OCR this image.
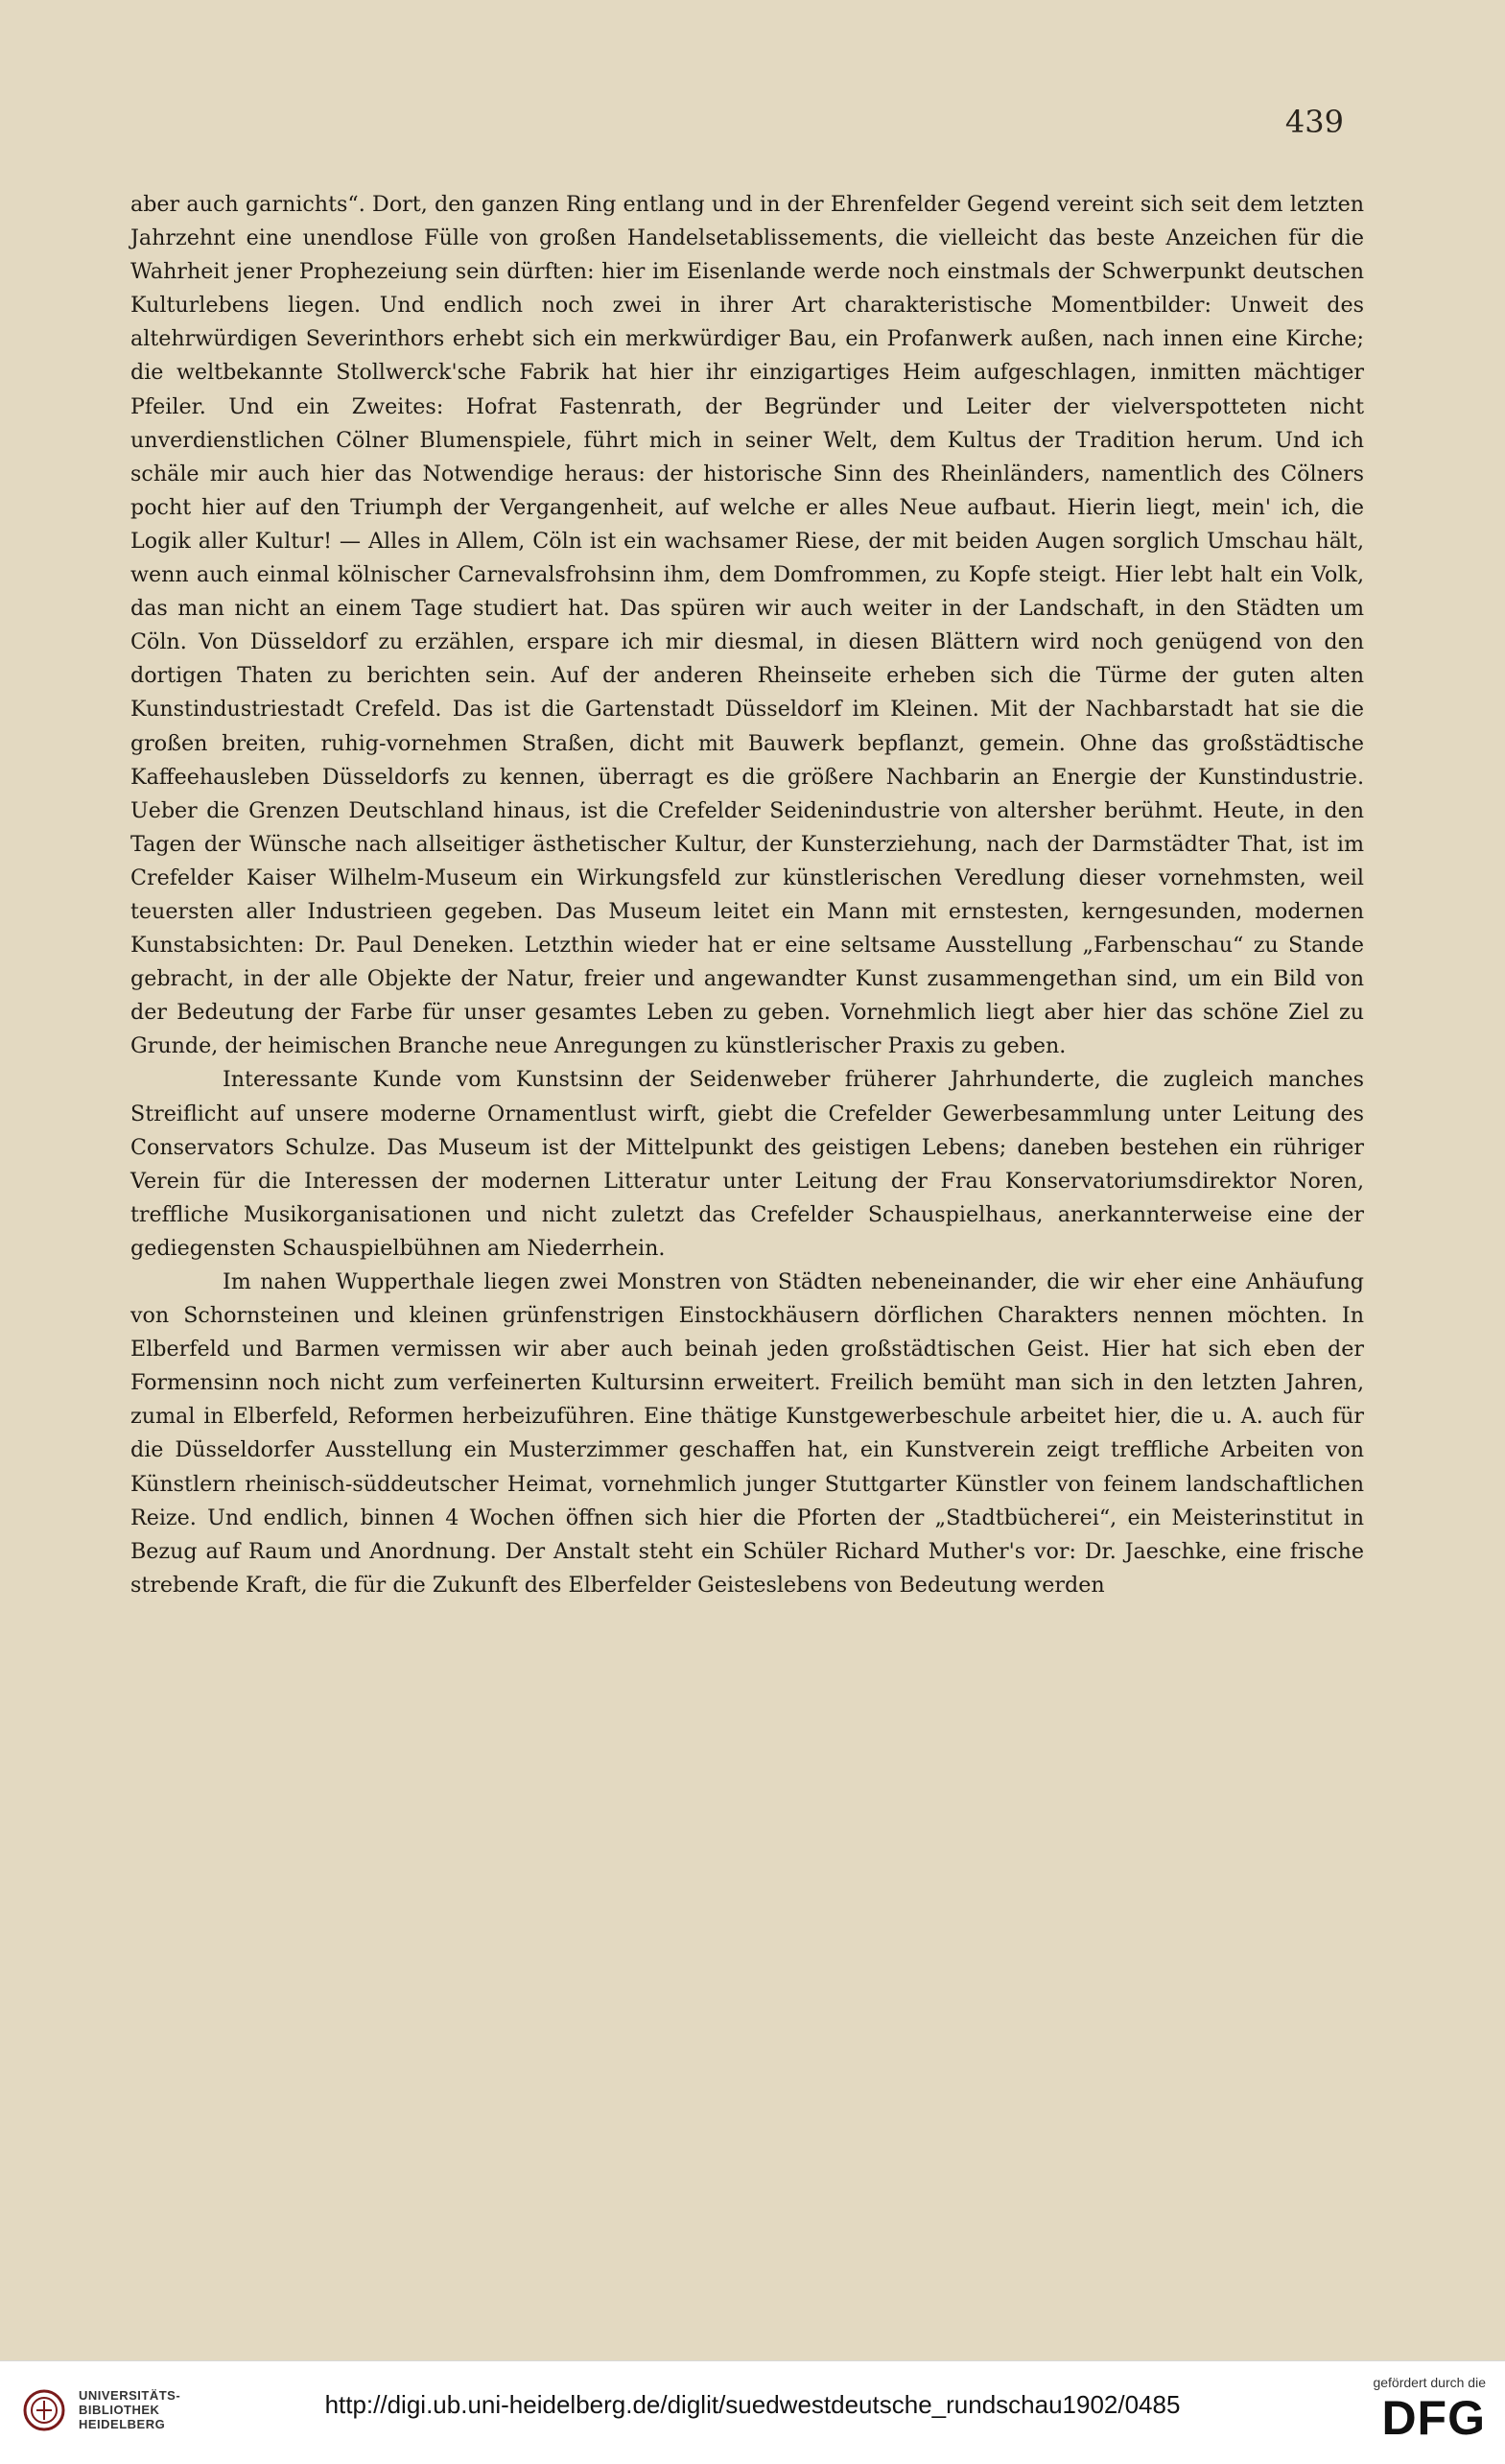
439

aber auch garnichts“. Dort, den ganzen Ring entlang und in der Ehrenfelder Gegend vereint sich seit dem letzten Jahrzehnt eine unendlose Fülle von großen Handelsetablissements, die vielleicht das beste Anzeichen für die Wahrheit jener Prophezeiung sein dürften: hier im Eisenlande werde noch einstmals der Schwerpunkt deutschen Kulturlebens liegen. Und endlich noch zwei in ihrer Art charakteristische Momentbilder: Unweit des altehrwürdigen Severinthors erhebt sich ein merkwürdiger Bau, ein Profanwerk außen, nach innen eine Kirche; die weltbekannte Stollwerck'sche Fabrik hat hier ihr einzigartiges Heim aufgeschlagen, inmitten mächtiger Pfeiler. Und ein Zweites: Hofrat Fastenrath, der Begründer und Leiter der vielverspotteten nicht unverdienstlichen Cölner Blumenspiele, führt mich in seiner Welt, dem Kultus der Tradition herum. Und ich schäle mir auch hier das Notwendige heraus: der historische Sinn des Rheinländers, namentlich des Cölners pocht hier auf den Triumph der Vergangenheit, auf welche er alles Neue aufbaut. Hierin liegt, mein' ich, die Logik aller Kultur! — Alles in Allem, Cöln ist ein wachsamer Riese, der mit beiden Augen sorglich Umschau hält, wenn auch einmal kölnischer Carnevalsfrohsinn ihm, dem Domfrommen, zu Kopfe steigt. Hier lebt halt ein Volk, das man nicht an einem Tage studiert hat. Das spüren wir auch weiter in der Landschaft, in den Städten um Cöln. Von Düsseldorf zu erzählen, erspare ich mir diesmal, in diesen Blättern wird noch genügend von den dortigen Thaten zu berichten sein. Auf der anderen Rheinseite erheben sich die Türme der guten alten Kunstindustriestadt Crefeld. Das ist die Gartenstadt Düsseldorf im Kleinen. Mit der Nachbarstadt hat sie die großen breiten, ruhig-vornehmen Straßen, dicht mit Bauwerk bepflanzt, gemein. Ohne das großstädtische Kaffeehausleben Düsseldorfs zu kennen, überragt es die größere Nachbarin an Energie der Kunstindustrie. Ueber die Grenzen Deutschland hinaus, ist die Crefelder Seidenindustrie von altersher berühmt. Heute, in den Tagen der Wünsche nach allseitiger ästhetischer Kultur, der Kunsterziehung, nach der Darmstädter That, ist im Crefelder Kaiser Wilhelm-Museum ein Wirkungsfeld zur künstlerischen Veredlung dieser vornehmsten, weil teuersten aller Industrieen gegeben. Das Museum leitet ein Mann mit ernstesten, kerngesunden, modernen Kunstabsichten: Dr. Paul Deneken. Letzthin wieder hat er eine seltsame Ausstellung „Farbenschau“ zu Stande gebracht, in der alle Objekte der Natur, freier und angewandter Kunst zusammengethan sind, um ein Bild von der Bedeutung der Farbe für unser gesamtes Leben zu geben. Vornehmlich liegt aber hier das schöne Ziel zu Grunde, der heimischen Branche neue Anregungen zu künstlerischer Praxis zu geben.

Interessante Kunde vom Kunstsinn der Seidenweber früherer Jahrhunderte, die zugleich manches Streiflicht auf unsere moderne Ornamentlust wirft, giebt die Crefelder Gewerbesammlung unter Leitung des Conservators Schulze. Das Museum ist der Mittelpunkt des geistigen Lebens; daneben bestehen ein rühriger Verein für die Interessen der modernen Litteratur unter Leitung der Frau Konservatoriumsdirektor Noren, treffliche Musikorganisationen und nicht zuletzt das Crefelder Schauspielhaus, anerkannterweise eine der gediegensten Schauspielbühnen am Niederrhein.

Im nahen Wupperthale liegen zwei Monstren von Städten nebeneinander, die wir eher eine Anhäufung von Schornsteinen und kleinen grünfenstrigen Einstockhäusern dörflichen Charakters nennen möchten. In Elberfeld und Barmen vermissen wir aber auch beinah jeden großstädtischen Geist. Hier hat sich eben der Formensinn noch nicht zum verfeinerten Kultursinn erweitert. Freilich bemüht man sich in den letzten Jahren, zumal in Elberfeld, Reformen herbeizuführen. Eine thätige Kunstgewerbeschule arbeitet hier, die u. A. auch für die Düsseldorfer Ausstellung ein Musterzimmer geschaffen hat, ein Kunstverein zeigt treffliche Arbeiten von Künstlern rheinisch-süddeutscher Heimat, vornehmlich junger Stuttgarter Künstler von feinem landschaftlichen Reize. Und endlich, binnen 4 Wochen öffnen sich hier die Pforten der „Stadtbücherei“, ein Meisterinstitut in Bezug auf Raum und Anordnung. Der Anstalt steht ein Schüler Richard Muther's vor: Dr. Jaeschke, eine frische strebende Kraft, die für die Zukunft des Elberfelder Geisteslebens von Bedeutung werden

UNIVERSITÄTS-
BIBLIOTHEK
HEIDELBERG
http://digi.ub.uni-heidelberg.de/diglit/suedwestdeutsche_rundschau1902/0485
gefördert durch die
DFG
